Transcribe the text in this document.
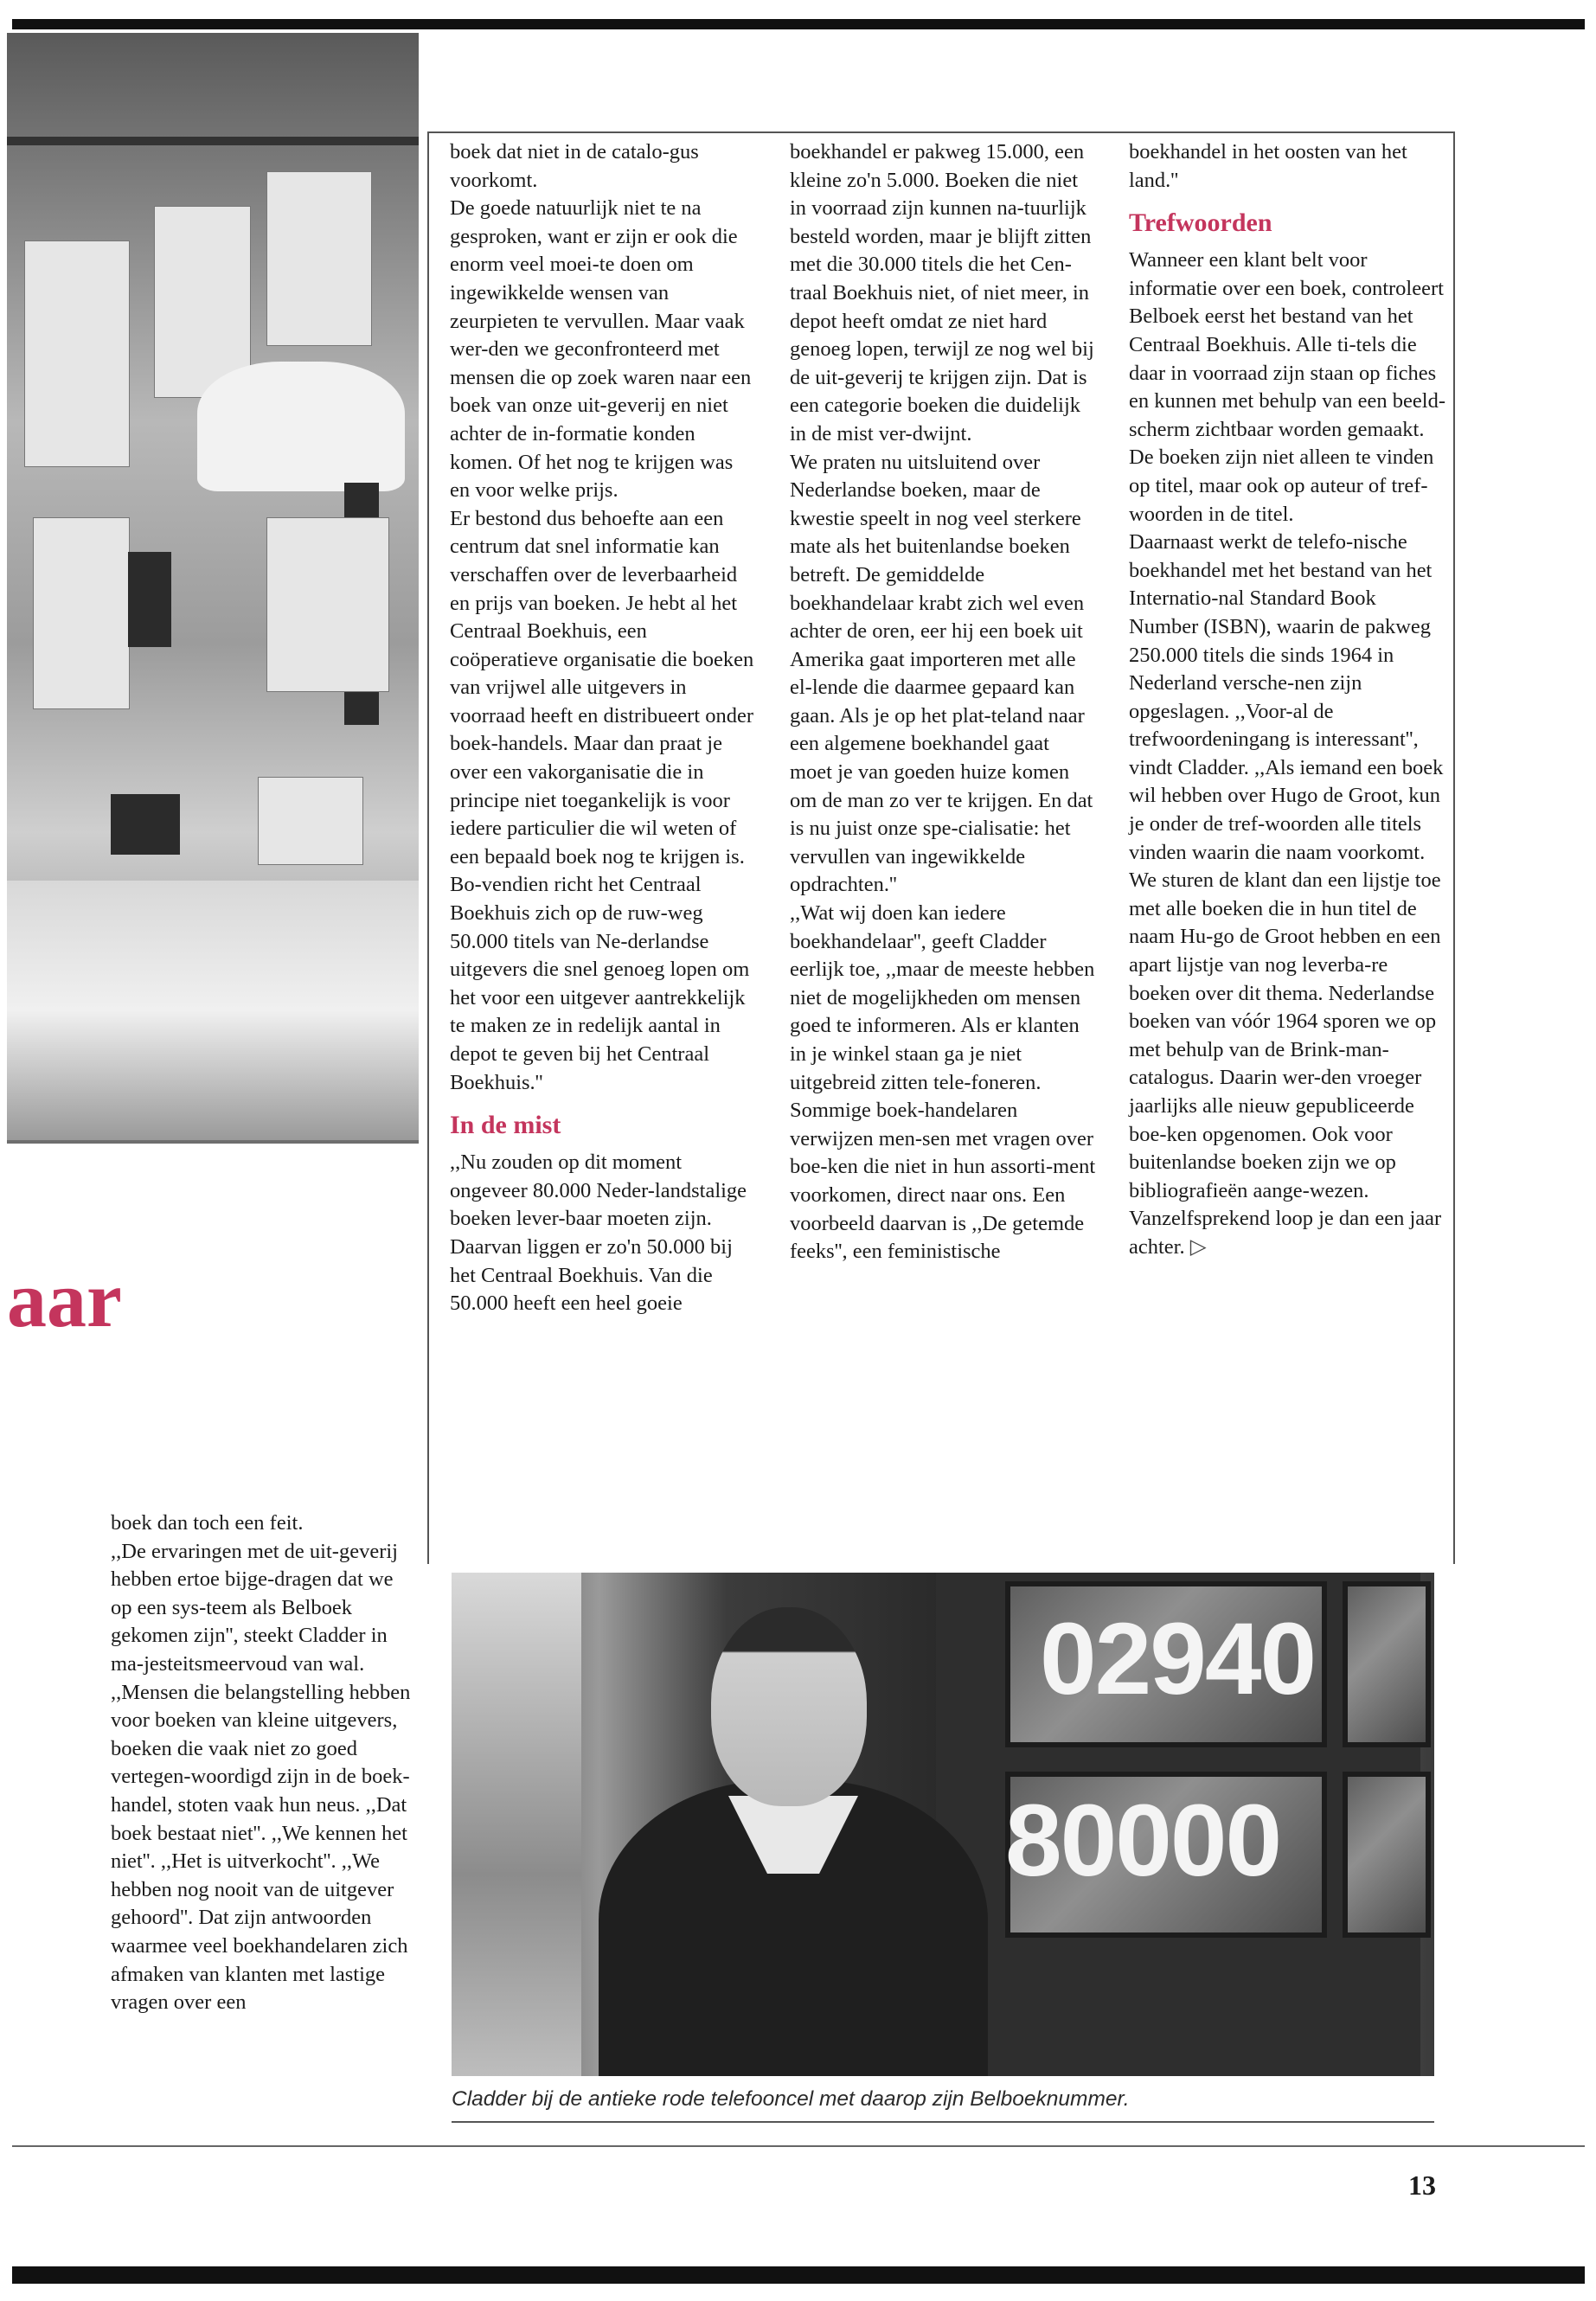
aar

boek dan toch een feit.

,,De ervaringen met de uit-geverij hebben ertoe bijge-dragen dat we op een sys-teem als Belboek gekomen zijn'', steekt Cladder in ma-jesteitsmeervoud van wal. ,,Mensen die belangstelling hebben voor boeken van kleine uitgevers, boeken die vaak niet zo goed vertegen-woordigd zijn in de boek-handel, stoten vaak hun neus. ,,Dat boek bestaat niet''. ,,We kennen het niet''. ,,Het is uitverkocht''. ,,We hebben nog nooit van de uitgever gehoord''. Dat zijn antwoorden waarmee veel boekhandelaren zich afmaken van klanten met lastige vragen over een

boek dat niet in de catalo-gus voorkomt.

De goede natuurlijk niet te na gesproken, want er zijn er ook die enorm veel moei-te doen om ingewikkelde wensen van zeurpieten te vervullen. Maar vaak wer-den we geconfronteerd met mensen die op zoek waren naar een boek van onze uit-geverij en niet achter de in-formatie konden komen. Of het nog te krijgen was en voor welke prijs.

Er bestond dus behoefte aan een centrum dat snel informatie kan verschaffen over de leverbaarheid en prijs van boeken. Je hebt al het Centraal Boekhuis, een coöperatieve organisatie die boeken van vrijwel alle uitgevers in voorraad heeft en distribueert onder boek-handels. Maar dan praat je over een vakorganisatie die in principe niet toegankelijk is voor iedere particulier die wil weten of een bepaald boek nog te krijgen is. Bo-vendien richt het Centraal Boekhuis zich op de ruw-weg 50.000 titels van Ne-derlandse uitgevers die snel genoeg lopen om het voor een uitgever aantrekkelijk te maken ze in redelijk aantal in depot te geven bij het Centraal Boekhuis.''

In de mist

,,Nu zouden op dit moment ongeveer 80.000 Neder-landstalige boeken lever-baar moeten zijn. Daarvan liggen er zo'n 50.000 bij het Centraal Boekhuis. Van die 50.000 heeft een heel goeie

boekhandel er pakweg 15.000, een kleine zo'n 5.000. Boeken die niet in voorraad zijn kunnen na-tuurlijk besteld worden, maar je blijft zitten met die 30.000 titels die het Cen-traal Boekhuis niet, of niet meer, in depot heeft omdat ze niet hard genoeg lopen, terwijl ze nog wel bij de uit-geverij te krijgen zijn. Dat is een categorie boeken die duidelijk in de mist ver-dwijnt.

We praten nu uitsluitend over Nederlandse boeken, maar de kwestie speelt in nog veel sterkere mate als het buitenlandse boeken betreft. De gemiddelde boekhandelaar krabt zich wel even achter de oren, eer hij een boek uit Amerika gaat importeren met alle el-lende die daarmee gepaard kan gaan. Als je op het plat-teland naar een algemene boekhandel gaat moet je van goeden huize komen om de man zo ver te krijgen. En dat is nu juist onze spe-cialisatie: het vervullen van ingewikkelde opdrachten.''

,,Wat wij doen kan iedere boekhandelaar'', geeft Cladder eerlijk toe, ,,maar de meeste hebben niet de mogelijkheden om mensen goed te informeren. Als er klanten in je winkel staan ga je niet uitgebreid zitten tele-foneren. Sommige boek-handelaren verwijzen men-sen met vragen over boe-ken die niet in hun assorti-ment voorkomen, direct naar ons. Een voorbeeld daarvan is ,,De getemde feeks'', een feministische

boekhandel in het oosten van het land.''

Trefwoorden

Wanneer een klant belt voor informatie over een boek, controleert Belboek eerst het bestand van het Centraal Boekhuis. Alle ti-tels die daar in voorraad zijn staan op fiches en kunnen met behulp van een beeld-scherm zichtbaar worden gemaakt. De boeken zijn niet alleen te vinden op titel, maar ook op auteur of tref-woorden in de titel.

Daarnaast werkt de telefo-nische boekhandel met het bestand van het Internatio-nal Standard Book Number (ISBN), waarin de pakweg 250.000 titels die sinds 1964 in Nederland versche-nen zijn opgeslagen. ,,Voor-al de trefwoordeningang is interessant'', vindt Cladder. ,,Als iemand een boek wil hebben over Hugo de Groot, kun je onder de tref-woorden alle titels vinden waarin die naam voorkomt. We sturen de klant dan een lijstje toe met alle boeken die in hun titel de naam Hu-go de Groot hebben en een apart lijstje van nog leverba-re boeken over dit thema. Nederlandse boeken van vóór 1964 sporen we op met behulp van de Brink-man-catalogus. Daarin wer-den vroeger jaarlijks alle nieuw gepubliceerde boe-ken opgenomen. Ook voor buitenlandse boeken zijn we op bibliografieën aange-wezen. Vanzelfsprekend loop je dan een jaar achter. ▷

02940
80000
Cladder bij de antieke rode telefooncel met daarop zijn Belboeknummer.
13
